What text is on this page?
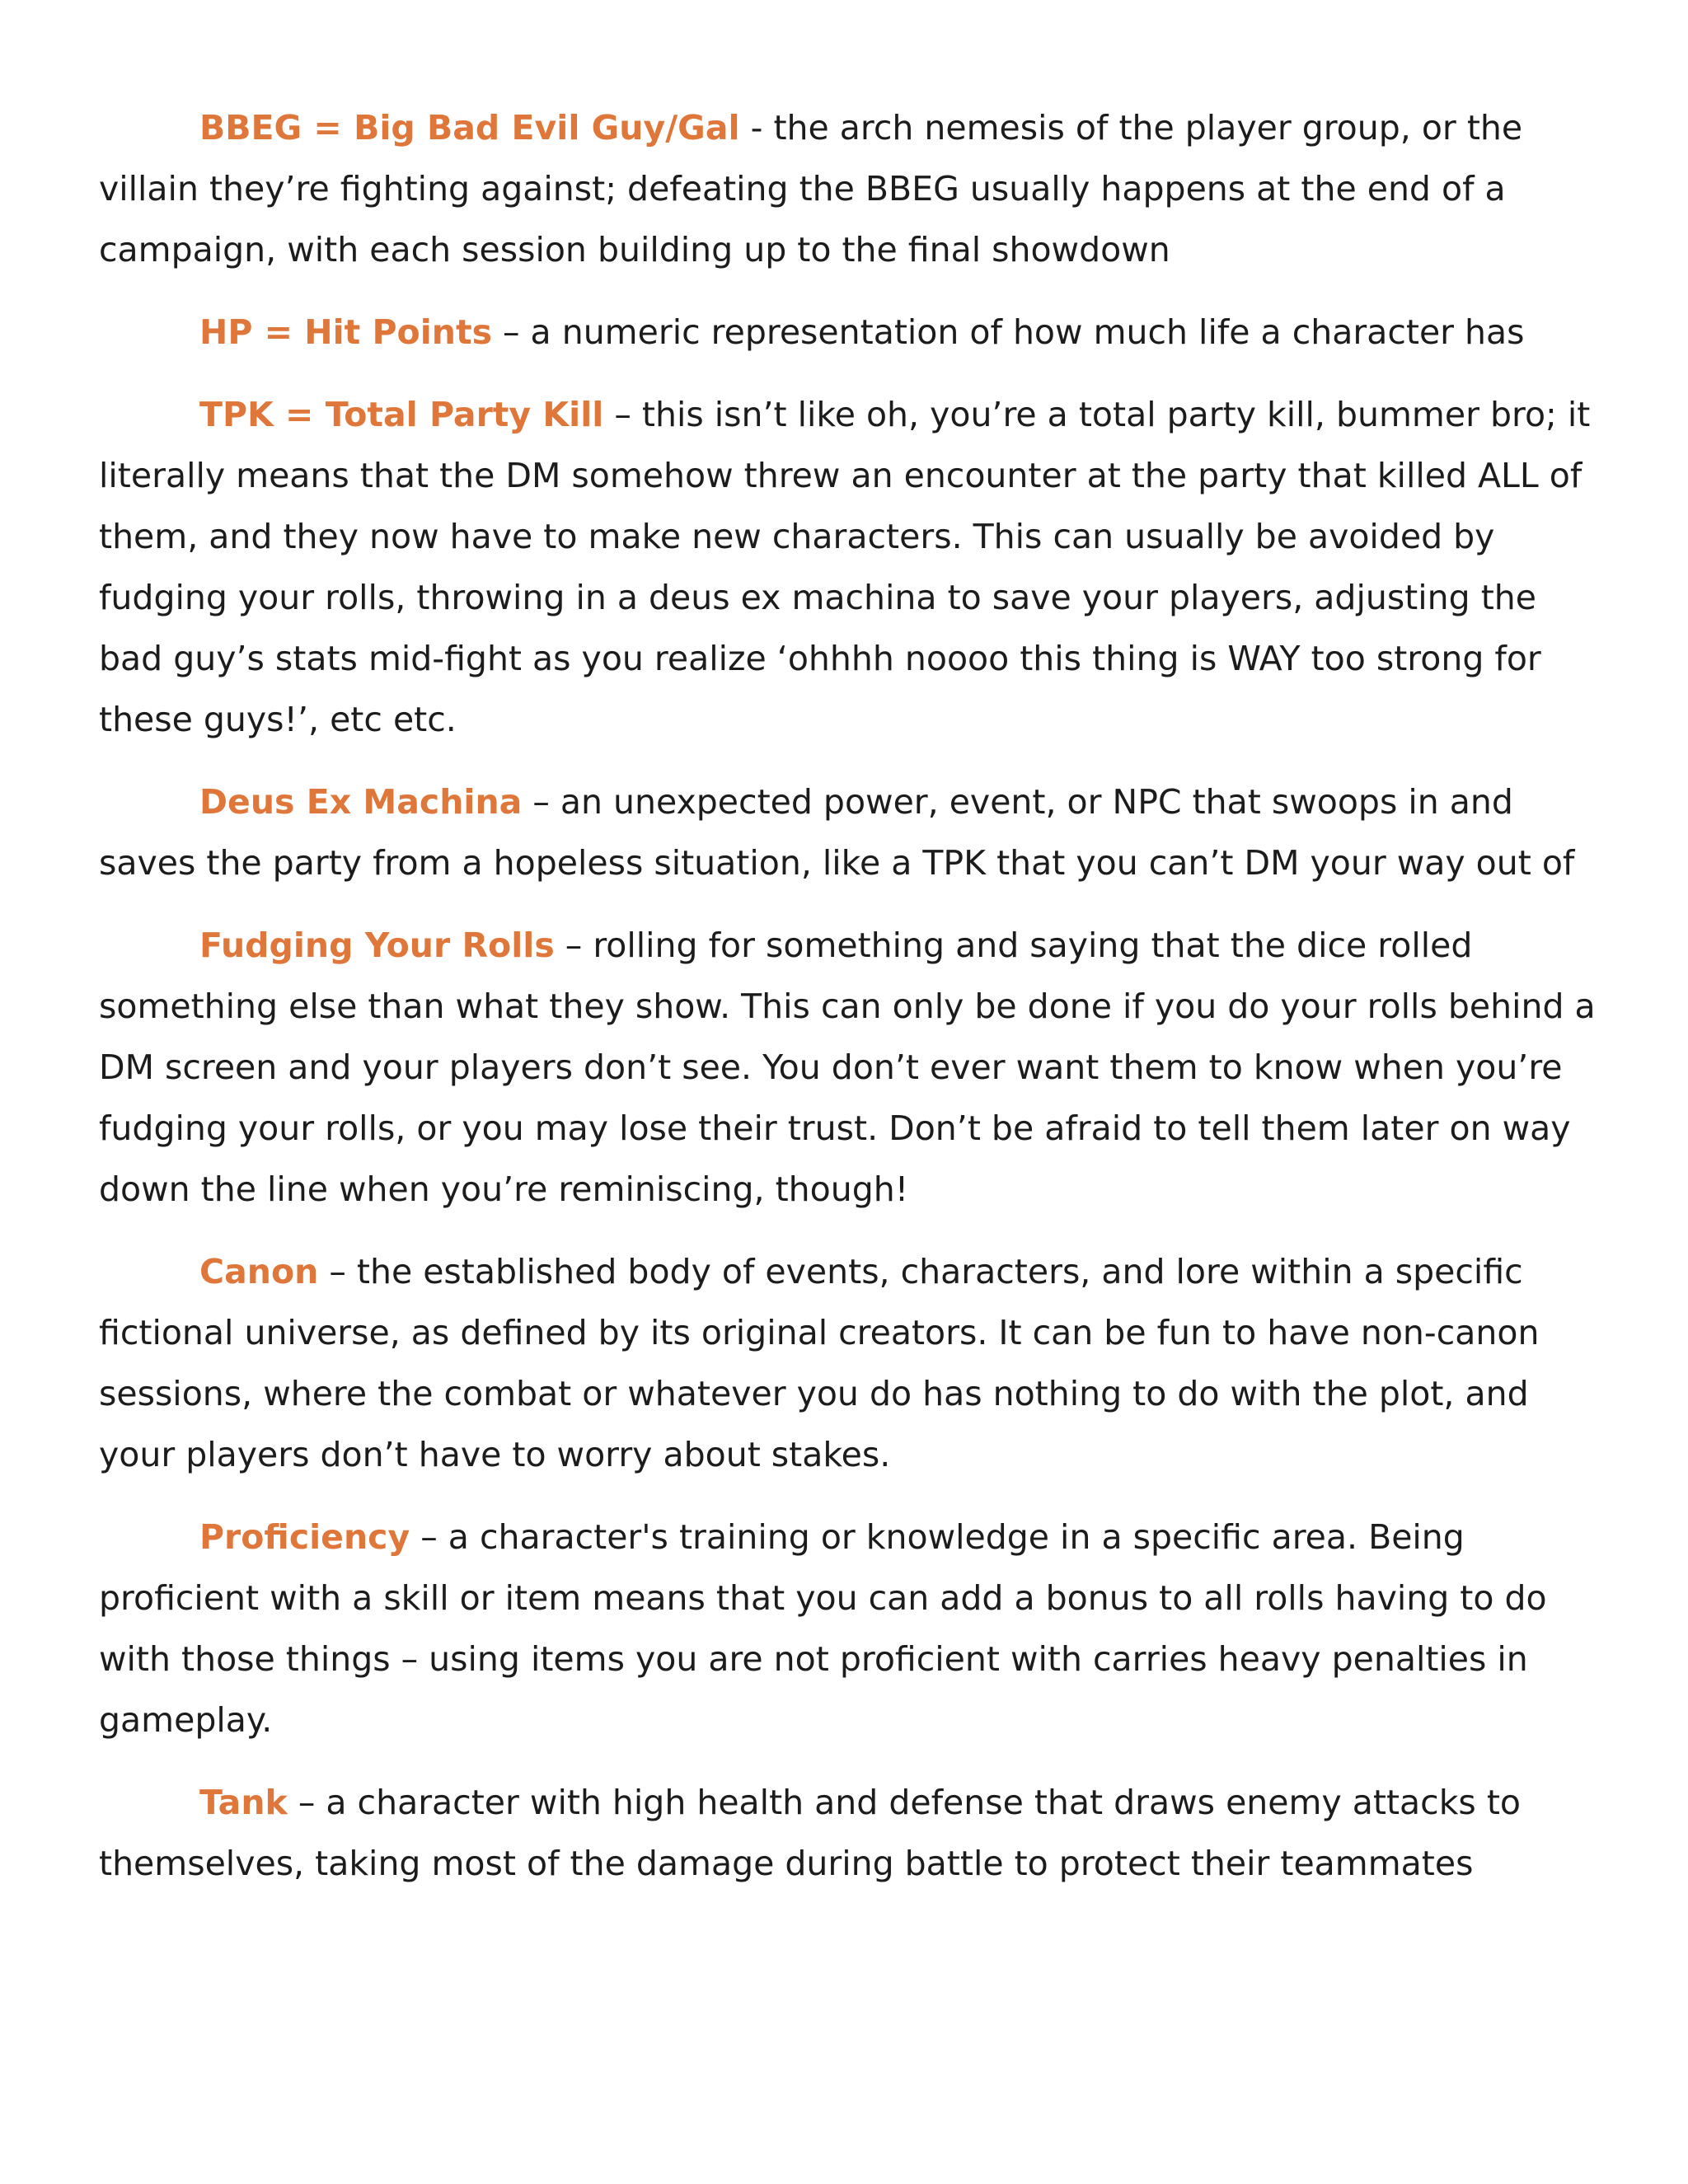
BBEG = Big Bad Evil Guy/Gal - the arch nemesis of the player group, or the villain they’re fighting against; defeating the BBEG usually happens at the end of a campaign, with each session building up to the final showdown

HP = Hit Points – a numeric representation of how much life a character has

TPK = Total Party Kill – this isn’t like oh, you’re a total party kill, bummer bro; it literally means that the DM somehow threw an encounter at the party that killed ALL of them, and they now have to make new characters. This can usually be avoided by fudging your rolls, throwing in a deus ex machina to save your players, adjusting the bad guy’s stats mid-fight as you realize ‘ohhhh noooo this thing is WAY too strong for these guys!’, etc etc.

Deus Ex Machina – an unexpected power, event, or NPC that swoops in and saves the party from a hopeless situation, like a TPK that you can’t DM your way out of

Fudging Your Rolls – rolling for something and saying that the dice rolled something else than what they show. This can only be done if you do your rolls behind a DM screen and your players don’t see. You don’t ever want them to know when you’re fudging your rolls, or you may lose their trust. Don’t be afraid to tell them later on way down the line when you’re reminiscing, though!

Canon – the established body of events, characters, and lore within a specific fictional universe, as defined by its original creators. It can be fun to have non-canon sessions, where the combat or whatever you do has nothing to do with the plot, and your players don’t have to worry about stakes.

Proficiency – a character's training or knowledge in a specific area. Being proficient with a skill or item means that you can add a bonus to all rolls having to do with those things – using items you are not proficient with carries heavy penalties in gameplay.

Tank – a character with high health and defense that draws enemy attacks to themselves, taking most of the damage during battle to protect their teammates
